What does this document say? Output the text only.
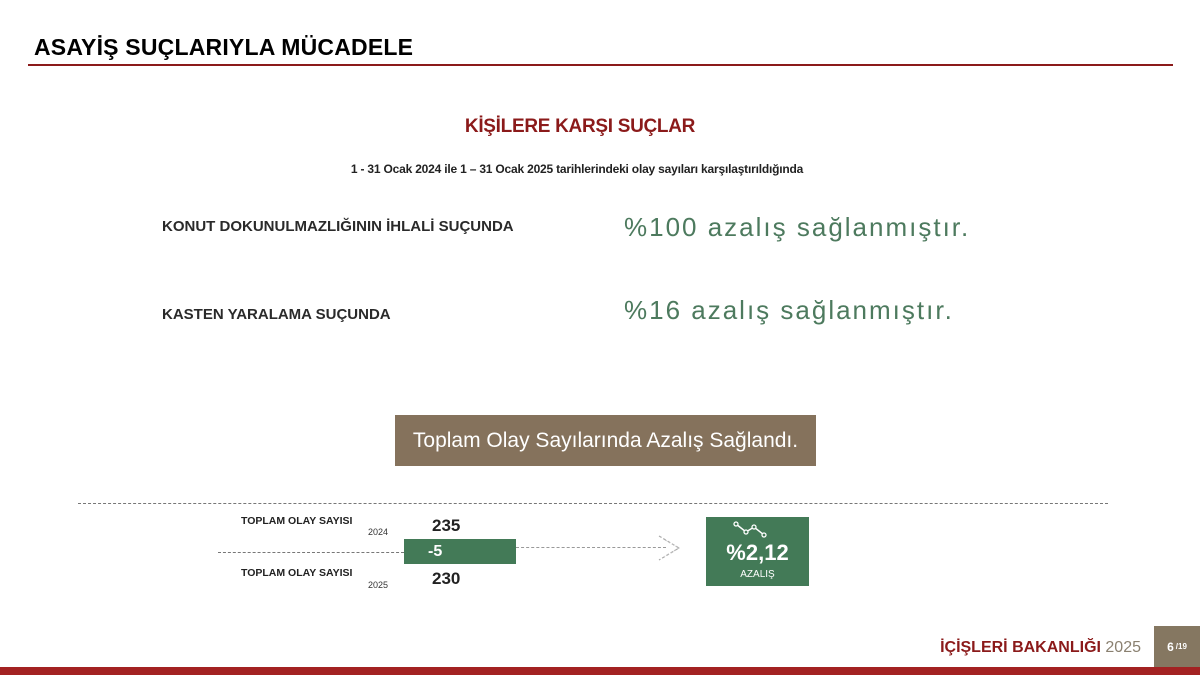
ASAYİŞ SUÇLARIYLA MÜCADELE
KİŞİLERE KARŞI SUÇLAR
1 - 31 Ocak 2024 ile 1 – 31 Ocak 2025 tarihlerindeki olay sayıları karşılaştırıldığında
KONUT DOKUNULMAZLIĞININ İHLALİ SUÇUNDA	%100 azalış sağlanmıştır.
KASTEN YARALAMA SUÇUNDA	%16 azalış sağlanmıştır.
Toplam Olay Sayılarında Azalış Sağlandı.
TOPLAM OLAY SAYISI
2024	235
-5
TOPLAM OLAY SAYISI
2025	230
%2,12
AZALIŞ
İÇİŞLERİ BAKANLIĞI 2025 6 /19
